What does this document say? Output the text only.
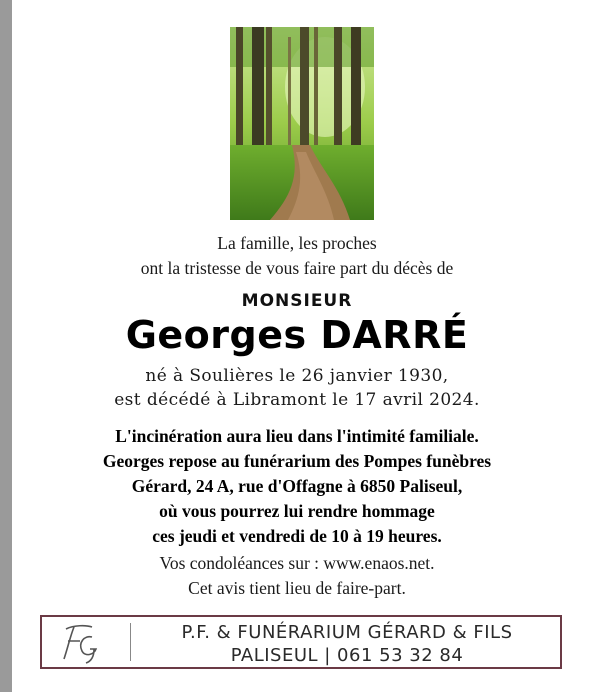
La famille, les proches
ont la tristesse de vous faire part du décès de
MONSIEUR
Georges DARRÉ
né à Soulières le 26 janvier 1930,
est décédé à Libramont le 17 avril 2024.
L'incinération aura lieu dans l'intimité familiale.
Georges repose au funérarium des Pompes funèbres
Gérard, 24 A, rue d'Offagne à 6850 Paliseul,
où vous pourrez lui rendre hommage
ces jeudi et vendredi de 10 à 19 heures.
Vos condoléances sur : www.enaos.net.
Cet avis tient lieu de faire-part.
P.F. & FUNÉRARIUM GÉRARD & FILS
PALISEUL | 061 53 32 84
